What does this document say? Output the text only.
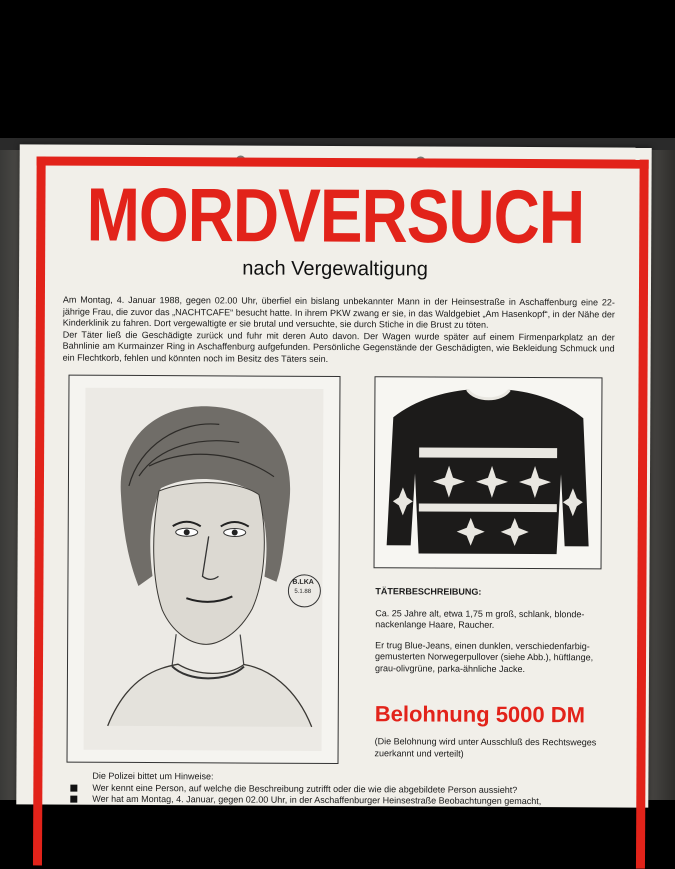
MORDVERSUCH
nach Vergewaltigung

Am Montag, 4. Januar 1988, gegen 02.00 Uhr, überfiel ein bislang unbekannter Mann in der Heinsestraße in Aschaffenburg eine 22-jährige Frau, die zuvor das „NACHTCAFE“ besucht hatte. In ihrem PKW zwang er sie, in das Waldgebiet „Am Hasenkopf“, in der Nähe der Kinderklinik zu fahren. Dort vergewaltigte er sie brutal und versuchte, sie durch Stiche in die Brust zu töten.

Der Täter ließ die Geschädigte zurück und fuhr mit deren Auto davon. Der Wagen wurde später auf einem Firmenparkplatz an der Bahnlinie am Kurmainzer Ring in Aschaffenburg aufgefunden. Persönliche Gegenstände der Geschädigten, wie Bekleidung Schmuck und ein Flechtkorb, fehlen und könnten noch im Besitz des Täters sein.

B.LKA
5.1.88	TÄTERBESCHREIBUNG:

Ca. 25 Jahre alt, etwa 1,75 m groß, schlank, blonde-nackenlange Haare, Raucher.

Er trug Blue-Jeans, einen dunklen, verschiedenfarbig-gemusterten Norwegerpullover (siehe Abb.), hüftlange, grau-olivgrüne, parka-ähnliche Jacke.

Belohnung 5000 DM
(Die Belohnung wird unter Ausschluß des Rechtsweges zuerkannt und verteilt)
Die Polizei bittet um Hinweise:
Wer kennt eine Person, auf welche die Beschreibung zutrifft oder die wie die abgebildete Person aussieht?
Wer hat am Montag, 4. Januar, gegen 02.00 Uhr, in der Aschaffenburger Heinsestraße Beobachtungen gemacht,
